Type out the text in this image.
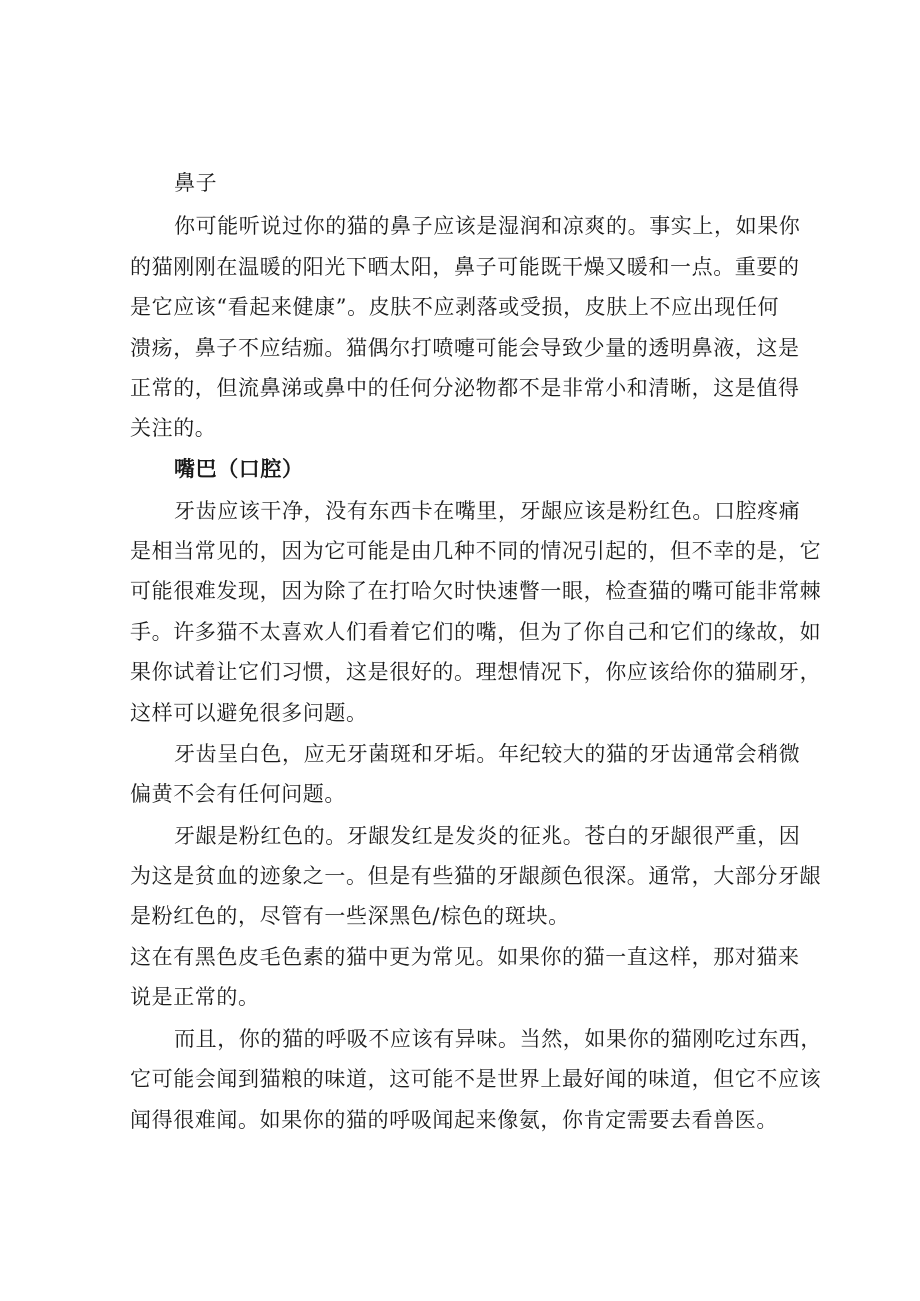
鼻子
你可能听说过你的猫的鼻子应该是湿润和凉爽的。事实上，如果你
的猫刚刚在温暖的阳光下晒太阳，鼻子可能既干燥又暖和一点。重要的
是它应该“看起来健康”。皮肤不应剥落或受损，皮肤上不应出现任何
溃疡，鼻子不应结痂。猫偶尔打喷嚏可能会导致少量的透明鼻液，这是
正常的，但流鼻涕或鼻中的任何分泌物都不是非常小和清晰，这是值得
关注的。
嘴巴（口腔）
牙齿应该干净，没有东西卡在嘴里，牙龈应该是粉红色。口腔疼痛
是相当常见的，因为它可能是由几种不同的情况引起的，但不幸的是，它
可能很难发现，因为除了在打哈欠时快速瞥一眼，检查猫的嘴可能非常棘
手。许多猫不太喜欢人们看着它们的嘴，但为了你自己和它们的缘故，如
果你试着让它们习惯，这是很好的。理想情况下，你应该给你的猫刷牙，
这样可以避免很多问题。
牙齿呈白色，应无牙菌斑和牙垢。年纪较大的猫的牙齿通常会稍微
偏黄不会有任何问题。
牙龈是粉红色的。牙龈发红是发炎的征兆。苍白的牙龈很严重，因
为这是贫血的迹象之一。但是有些猫的牙龈颜色很深。通常，大部分牙龈
是粉红色的，尽管有一些深黑色/棕色的斑块。
这在有黑色皮毛色素的猫中更为常见。如果你的猫一直这样，那对猫来
说是正常的。
而且，你的猫的呼吸不应该有异味。当然，如果你的猫刚吃过东西，
它可能会闻到猫粮的味道，这可能不是世界上最好闻的味道，但它不应该
闻得很难闻。如果你的猫的呼吸闻起来像氨，你肯定需要去看兽医。
